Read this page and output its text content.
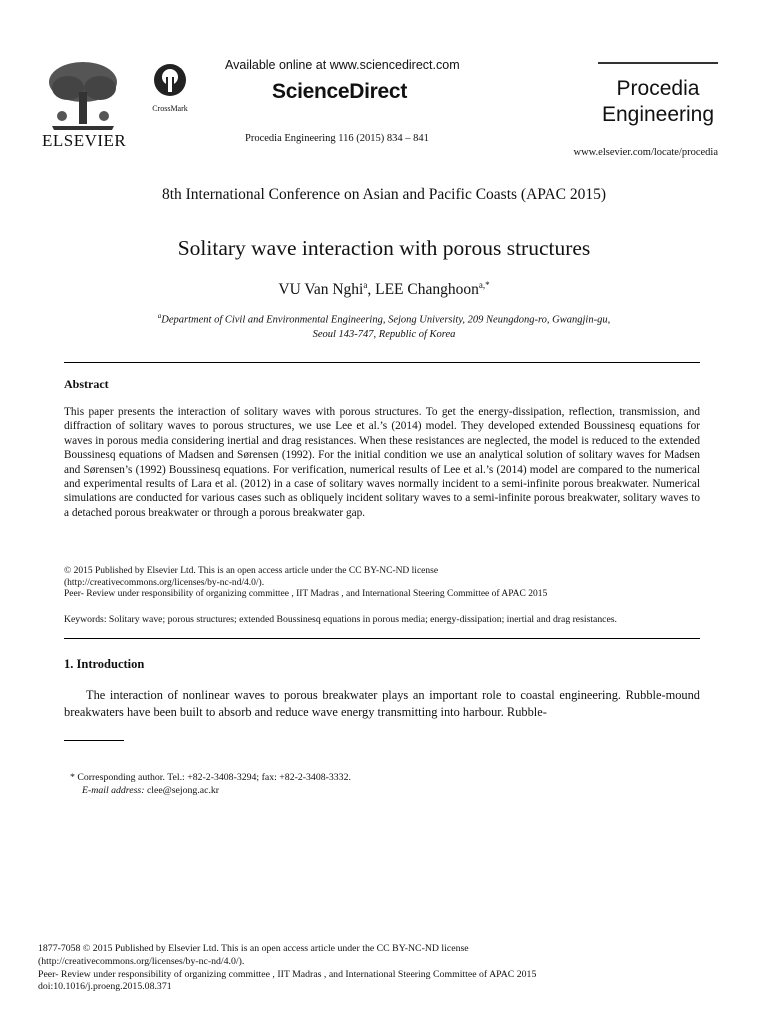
ELSEVIER
CrossMark
Available online at www.sciencedirect.com
ScienceDirect
Procedia Engineering 116 (2015) 834 – 841
Procedia
Engineering
www.elsevier.com/locate/procedia
8th International Conference on Asian and Pacific Coasts (APAC 2015)
Solitary wave interaction with porous structures
VU Van Nghi$^a$, LEE Changhoon$^{a,*}$
$^a$Department of Civil and Environmental Engineering, Sejong University, 209 Neungdong-ro, Gwangjin-gu,
Seoul 143-747, Republic of Korea
Abstract
This paper presents the interaction of solitary waves with porous structures. To get the energy-dissipation, reflection, transmission, and diffraction of solitary waves to porous structures, we use Lee et al.’s (2014) model. They developed extended Boussinesq equations for waves in porous media considering inertial and drag resistances. When these resistances are neglected, the model is reduced to the extended Boussinesq equations of Madsen and Sørensen (1992). For the initial condition we use an analytical solution of solitary waves for Madsen and Sørensen’s (1992) Boussinesq equations. For verification, numerical results of Lee et al.’s (2014) model are compared to the numerical and experimental results of Lara et al. (2012) in a case of solitary waves normally incident to a semi-infinite porous breakwater. Numerical simulations are conducted for various cases such as obliquely incident solitary waves to a semi-infinite porous breakwater, solitary waves to a detached porous breakwater or through a porous breakwater gap.
© 2015 Published by Elsevier Ltd. This is an open access article under the CC BY-NC-ND license
(http://creativecommons.org/licenses/by-nc-nd/4.0/).
Peer- Review under responsibility of organizing committee , IIT Madras , and International Steering Committee of APAC 2015
Keywords: Solitary wave; porous structures; extended Boussinesq equations in porous media; energy-dissipation; inertial and drag resistances.
1. Introduction
The interaction of nonlinear waves to porous breakwater plays an important role to coastal engineering. Rubble-mound breakwaters have been built to absorb and reduce wave energy transmitting into harbour. Rubble-
* Corresponding author. Tel.: +82-2-3408-3294; fax: +82-2-3408-3332.
E-mail address: clee@sejong.ac.kr
1877-7058 © 2015 Published by Elsevier Ltd. This is an open access article under the CC BY-NC-ND license
(http://creativecommons.org/licenses/by-nc-nd/4.0/).
Peer- Review under responsibility of organizing committee , IIT Madras , and International Steering Committee of APAC 2015
doi:10.1016/j.proeng.2015.08.371
